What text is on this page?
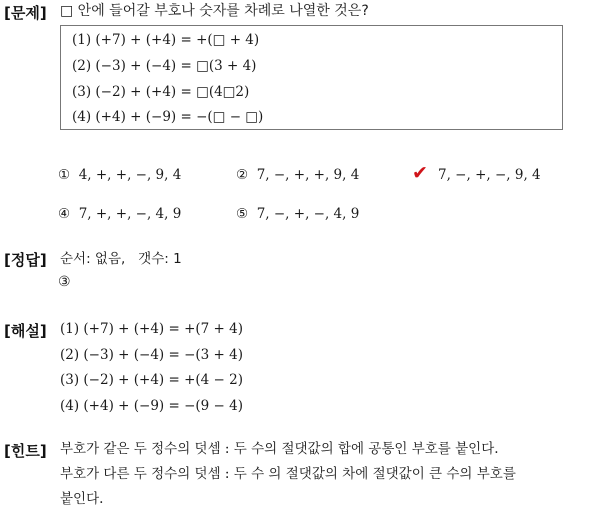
[문제] □ 안에 들어갈 부호나 숫자를 차례로 나열한 것은?
(1) (+7) + (+4) = +(□ + 4)
(2) (−3) + (−4) = □(3 + 4)
(3) (−2) + (+4) = □(4□2)
(4) (+4) + (−9) = −(□ − □)
① 4, +, +, −, 9, 4	② 7, −, +, +, 9, 4	✔ 7, −, +, −, 9, 4
④ 7, +, +, −, 4, 9	⑤ 7, −, +, −, 4, 9
[정답] 순서: 없음,   갯수: 1
③
[해설] (1) (+7) + (+4) = +(7 + 4)
(2) (−3) + (−4) = −(3 + 4)
(3) (−2) + (+4) = +(4 − 2)
(4) (+4) + (−9) = −(9 − 4)
[힌트] 부호가 같은 두 정수의 덧셈 : 두 수의 절댓값의 합에 공통인 부호를 붙인다.
부호가 다른 두 정수의 덧셈 : 두 수 의 절댓값의 차에 절댓값이 큰 수의 부호를
붙인다.
